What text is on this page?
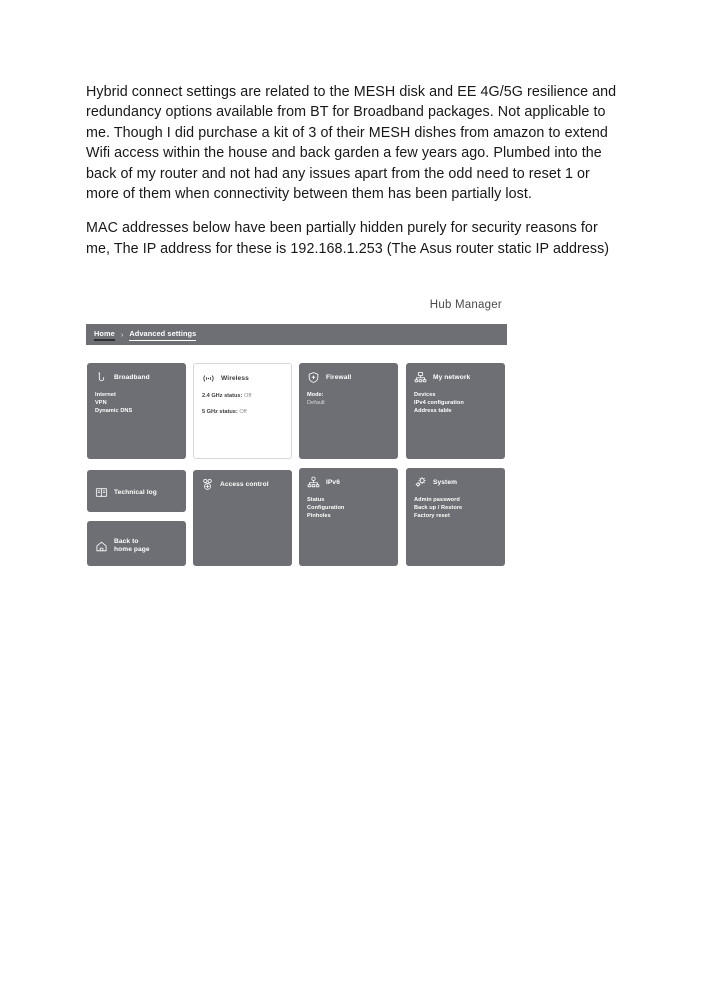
Hybrid connect settings are related to the MESH disk and EE 4G/5G resilience and redundancy options available from BT for Broadband packages. Not applicable to me. Though I did purchase a kit of 3 of their MESH dishes from amazon to extend Wifi access within the house and back garden a few years ago. Plumbed into the back of my router and not had any issues apart from the odd need to reset 1 or more of them when connectivity between them has been partially lost.

MAC addresses below have been partially hidden purely for security reasons for me, The IP address for these is 192.168.1.253 (The Asus router static IP address)

Hub Manager
Home › Advanced settings
Broadband
Internet
VPN
Dynamic DNS
Wireless
2.4 GHz status: Off
5 GHz status: Off
Firewall
Mode:
Default
My network
Devices
IPv4 configuration
Address table
Technical log
Back to
home page
Access control	IPv6
Status
Configuration
Pinholes
System
Admin password
Back up / Restore
Factory reset
